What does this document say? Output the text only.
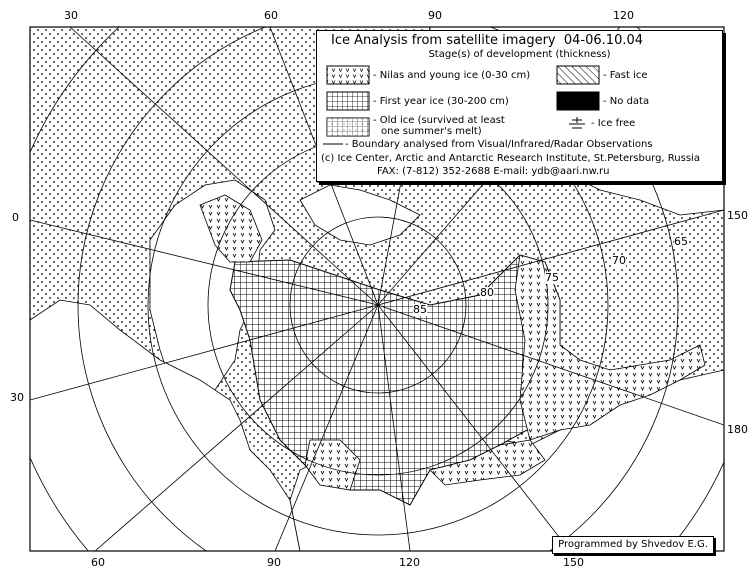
30	60	90	120
60	90	120	150
0
30
150
180
85
80
75
70
65
Ice Analysis from satellite imagery 04-06.10.04
Stage(s) of development (thickness)
- Nilas and young ice (0-30 cm)	- Fast ice
- First year ice (30-200 cm)	- No data
- Old ice (survived at least
one summer's melt)
- Ice free
- Boundary analysed from Visual/Infrared/Radar Observations
(c) Ice Center, Arctic and Antarctic Research Institute, St.Petersburg, Russia
FAX: (7-812) 352-2688 E-mail: ydb@aari.nw.ru
Programmed by Shvedov E.G.
